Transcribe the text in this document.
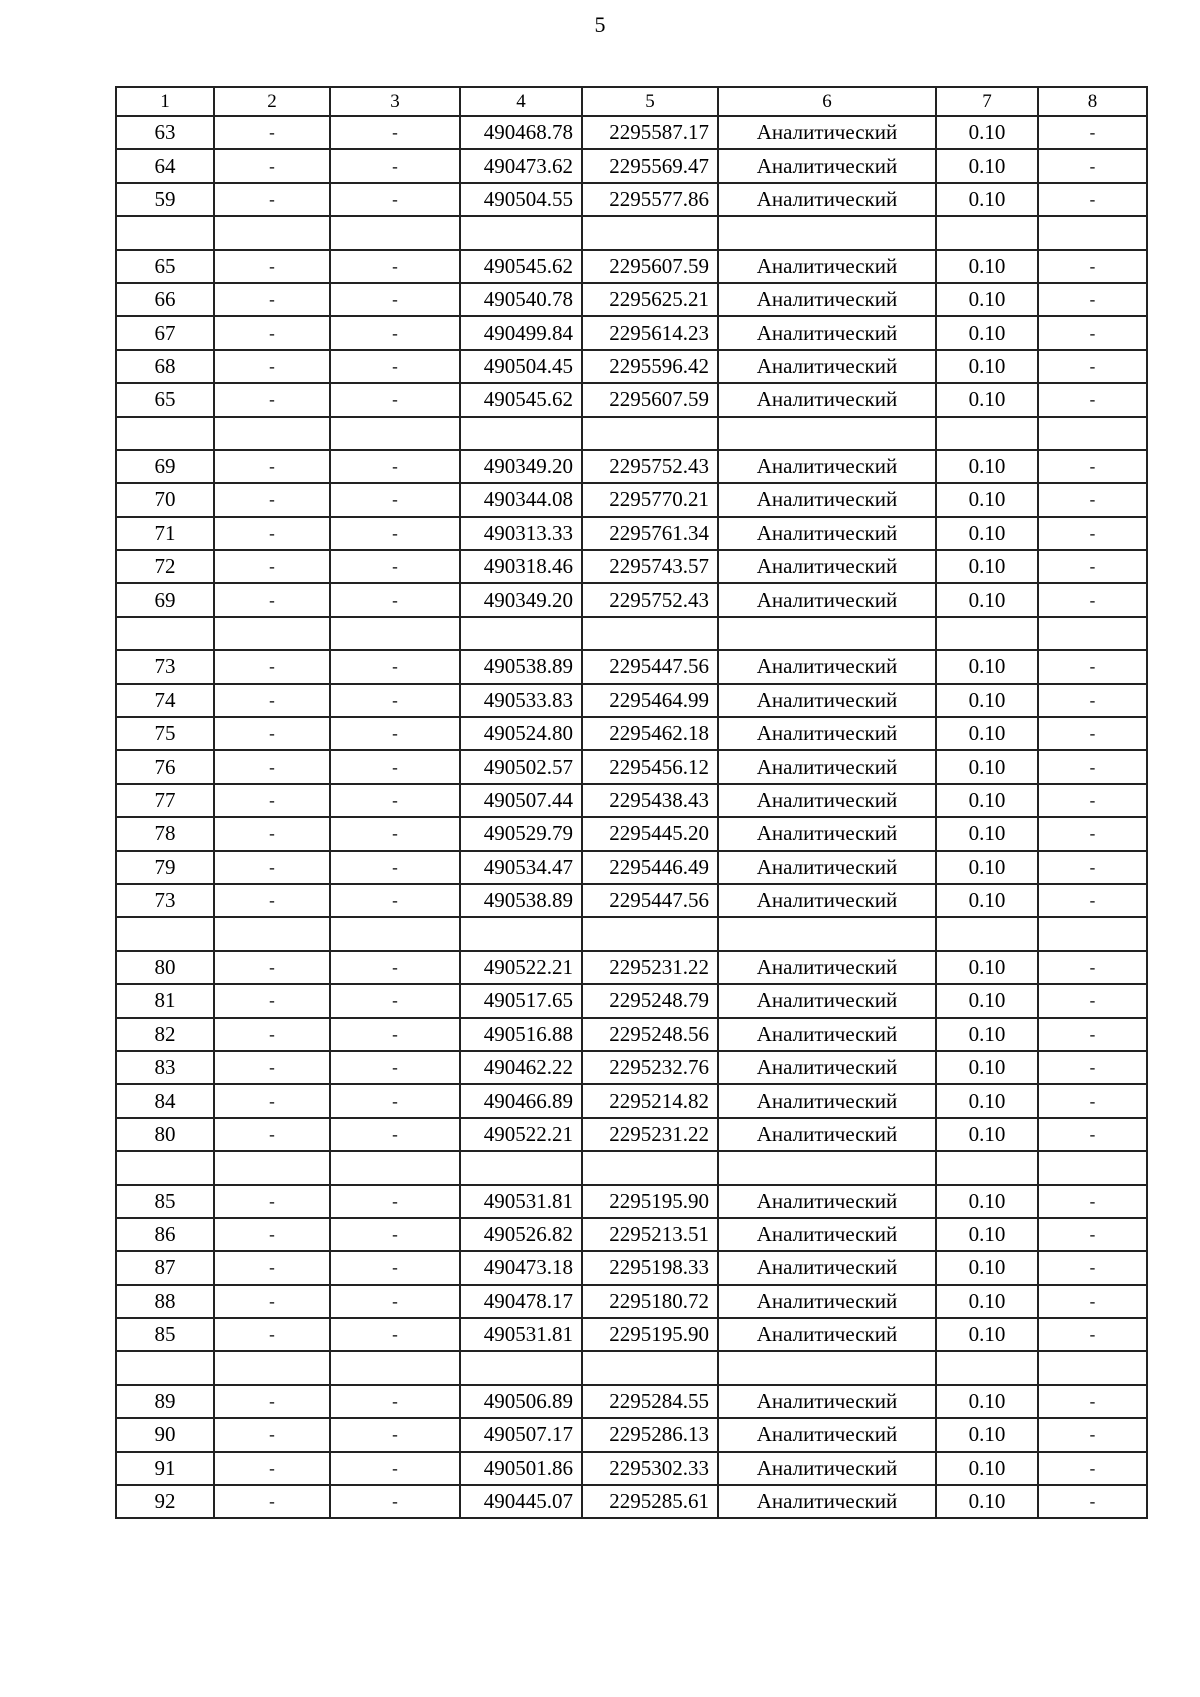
5
1	2	3	4	5	6	7	8
63	-	-	490468.78	2295587.17	Аналитический	0.10	-
64	-	-	490473.62	2295569.47	Аналитический	0.10	-
59	-	-	490504.55	2295577.86	Аналитический	0.10	-

65	-	-	490545.62	2295607.59	Аналитический	0.10	-
66	-	-	490540.78	2295625.21	Аналитический	0.10	-
67	-	-	490499.84	2295614.23	Аналитический	0.10	-
68	-	-	490504.45	2295596.42	Аналитический	0.10	-
65	-	-	490545.62	2295607.59	Аналитический	0.10	-

69	-	-	490349.20	2295752.43	Аналитический	0.10	-
70	-	-	490344.08	2295770.21	Аналитический	0.10	-
71	-	-	490313.33	2295761.34	Аналитический	0.10	-
72	-	-	490318.46	2295743.57	Аналитический	0.10	-
69	-	-	490349.20	2295752.43	Аналитический	0.10	-

73	-	-	490538.89	2295447.56	Аналитический	0.10	-
74	-	-	490533.83	2295464.99	Аналитический	0.10	-
75	-	-	490524.80	2295462.18	Аналитический	0.10	-
76	-	-	490502.57	2295456.12	Аналитический	0.10	-
77	-	-	490507.44	2295438.43	Аналитический	0.10	-
78	-	-	490529.79	2295445.20	Аналитический	0.10	-
79	-	-	490534.47	2295446.49	Аналитический	0.10	-
73	-	-	490538.89	2295447.56	Аналитический	0.10	-

80	-	-	490522.21	2295231.22	Аналитический	0.10	-
81	-	-	490517.65	2295248.79	Аналитический	0.10	-
82	-	-	490516.88	2295248.56	Аналитический	0.10	-
83	-	-	490462.22	2295232.76	Аналитический	0.10	-
84	-	-	490466.89	2295214.82	Аналитический	0.10	-
80	-	-	490522.21	2295231.22	Аналитический	0.10	-

85	-	-	490531.81	2295195.90	Аналитический	0.10	-
86	-	-	490526.82	2295213.51	Аналитический	0.10	-
87	-	-	490473.18	2295198.33	Аналитический	0.10	-
88	-	-	490478.17	2295180.72	Аналитический	0.10	-
85	-	-	490531.81	2295195.90	Аналитический	0.10	-

89	-	-	490506.89	2295284.55	Аналитический	0.10	-
90	-	-	490507.17	2295286.13	Аналитический	0.10	-
91	-	-	490501.86	2295302.33	Аналитический	0.10	-
92	-	-	490445.07	2295285.61	Аналитический	0.10	-
